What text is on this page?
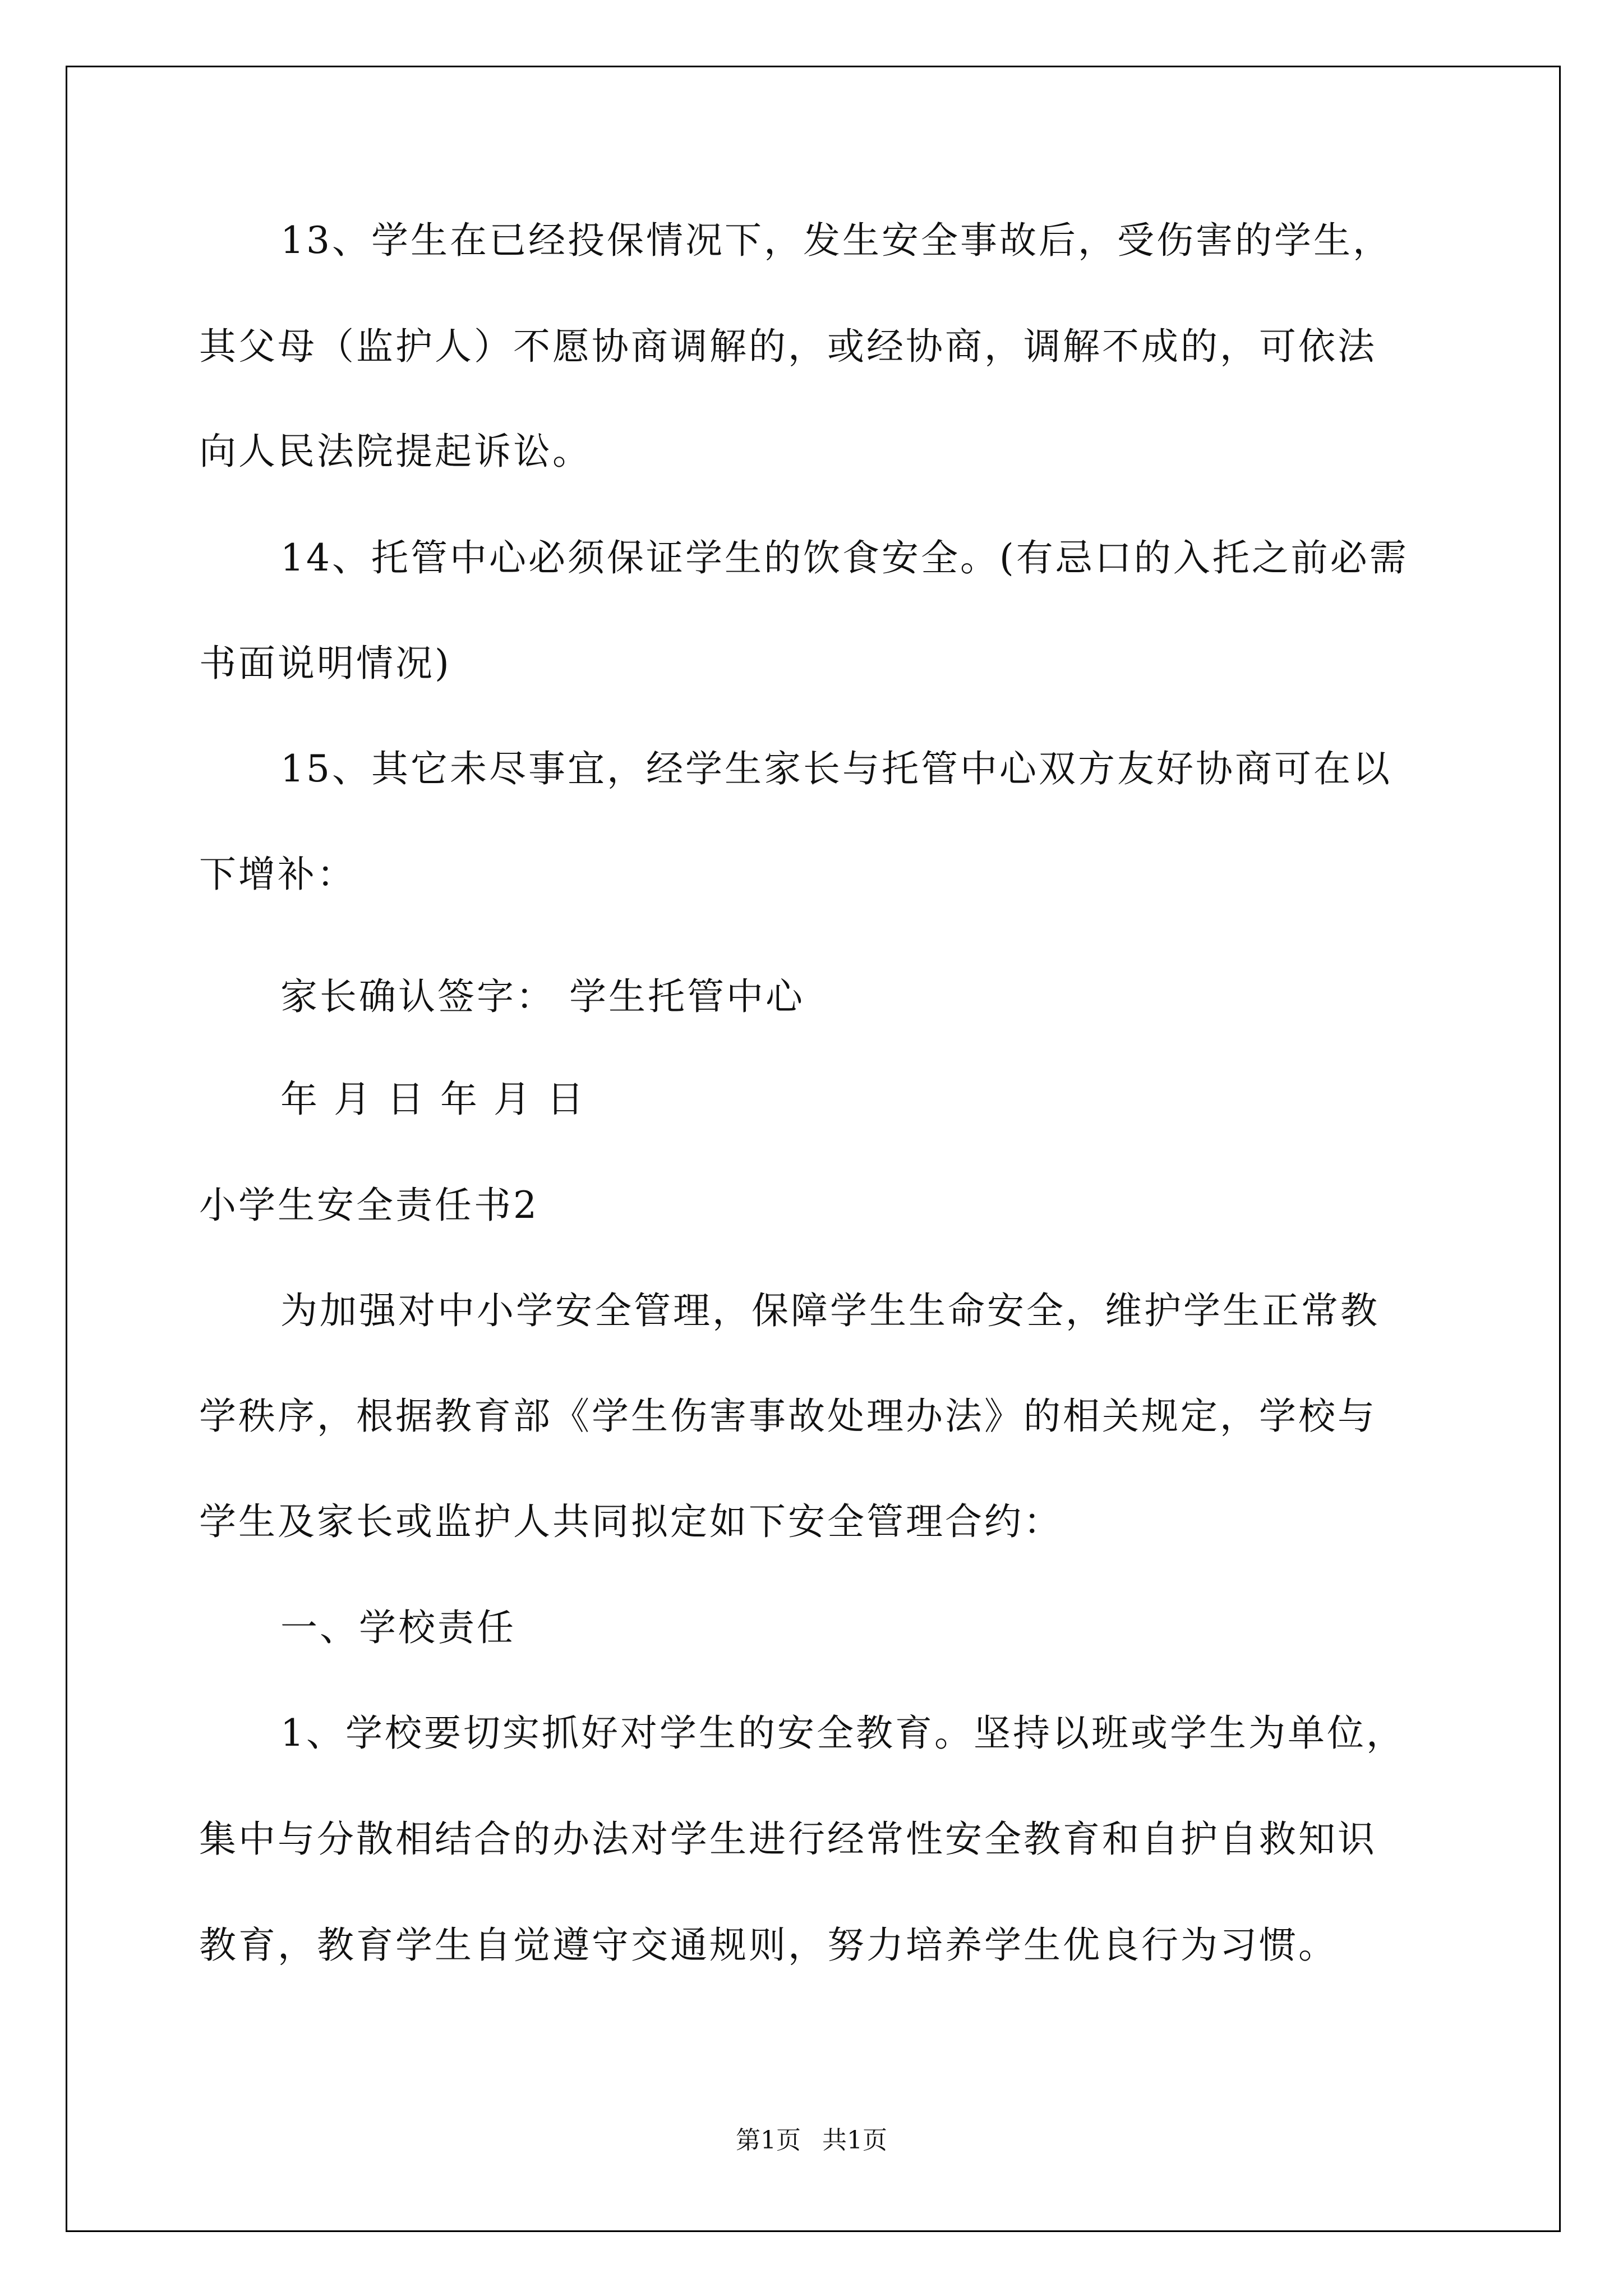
13、学生在已经投保情况下，发生安全事故后，受伤害的学生，
其父母（监护人）不愿协商调解的，或经协商，调解不成的，可依法
向人民法院提起诉讼。
14、托管中心必须保证学生的饮食安全。(有忌口的入托之前必需
书面说明情况)
15、其它未尽事宜，经学生家长与托管中心双方友好协商可在以
下增补：
家长确认签字： 学生托管中心
年 月 日 年 月 日
小学生安全责任书2
为加强对中小学安全管理，保障学生生命安全，维护学生正常教
学秩序，根据教育部《学生伤害事故处理办法》的相关规定，学校与
学生及家长或监护人共同拟定如下安全管理合约：
一、学校责任
1、学校要切实抓好对学生的安全教育。坚持以班或学生为单位，
集中与分散相结合的办法对学生进行经常性安全教育和自护自救知识
教育，教育学生自觉遵守交通规则，努力培养学生优良行为习惯。
第1页 共1页
